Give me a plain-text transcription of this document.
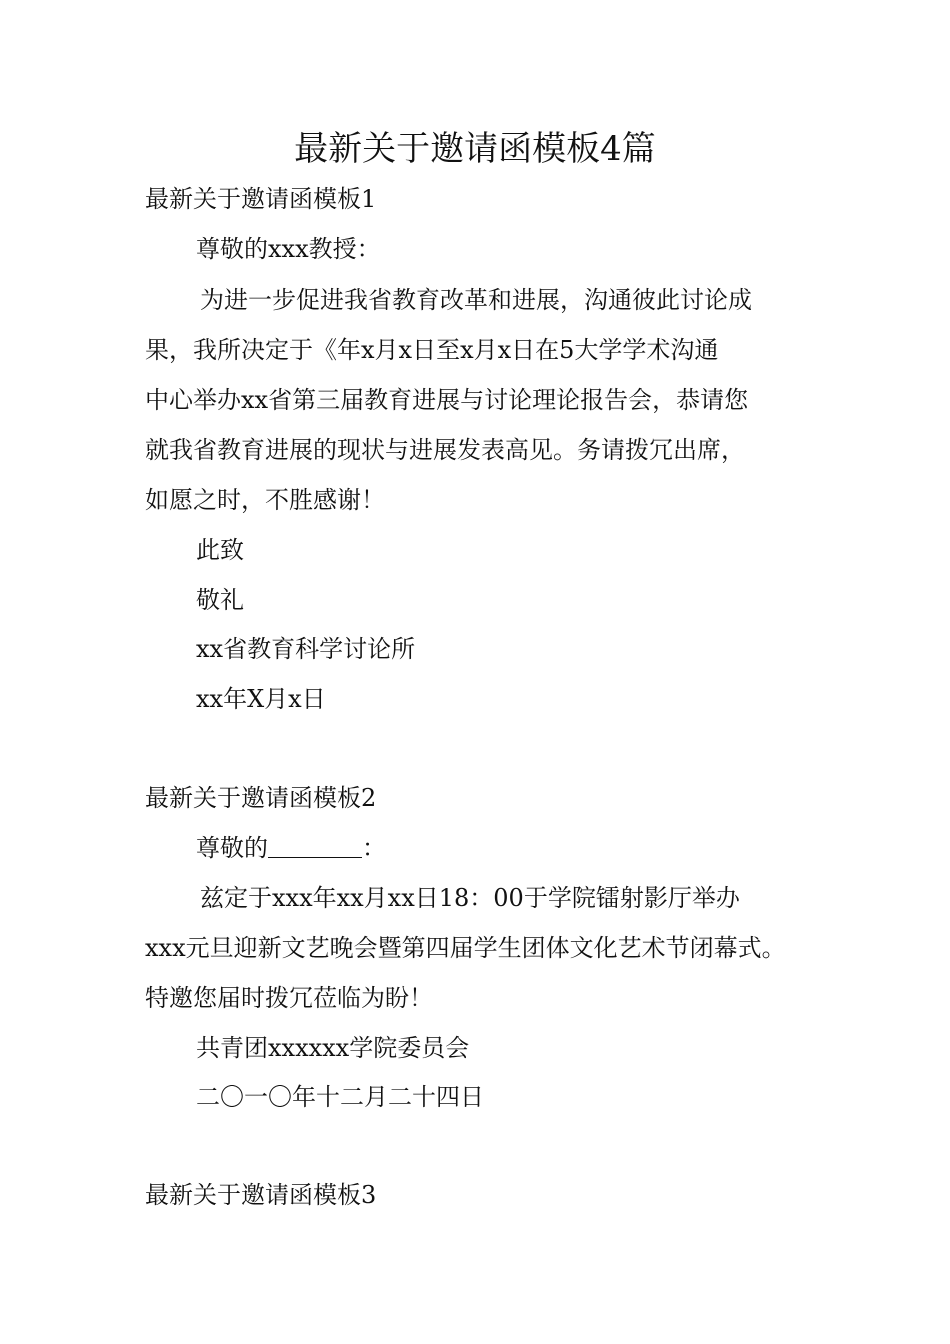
最新关于邀请函模板4篇

最新关于邀请函模板1

尊敬的xxx教授：

为进一步促进我省教育改革和进展，沟通彼此讨论成

果，我所决定于《年x月x日至x月x日在5大学学术沟通

中心举办xx省第三届教育进展与讨论理论报告会，恭请您

就我省教育进展的现状与进展发表高见。务请拨冗出席，

如愿之时，不胜感谢！

此致

敬礼

xx省教育科学讨论所

xx年X月x日

最新关于邀请函模板2

尊敬的	：

兹定于xxx年xx月xx日18：00于学院镭射影厅举办

xxx元旦迎新文艺晚会暨第四届学生团体文化艺术节闭幕式。

特邀您届时拨冗莅临为盼！

共青团xxxxxx学院委员会

二〇一〇年十二月二十四日

最新关于邀请函模板3
